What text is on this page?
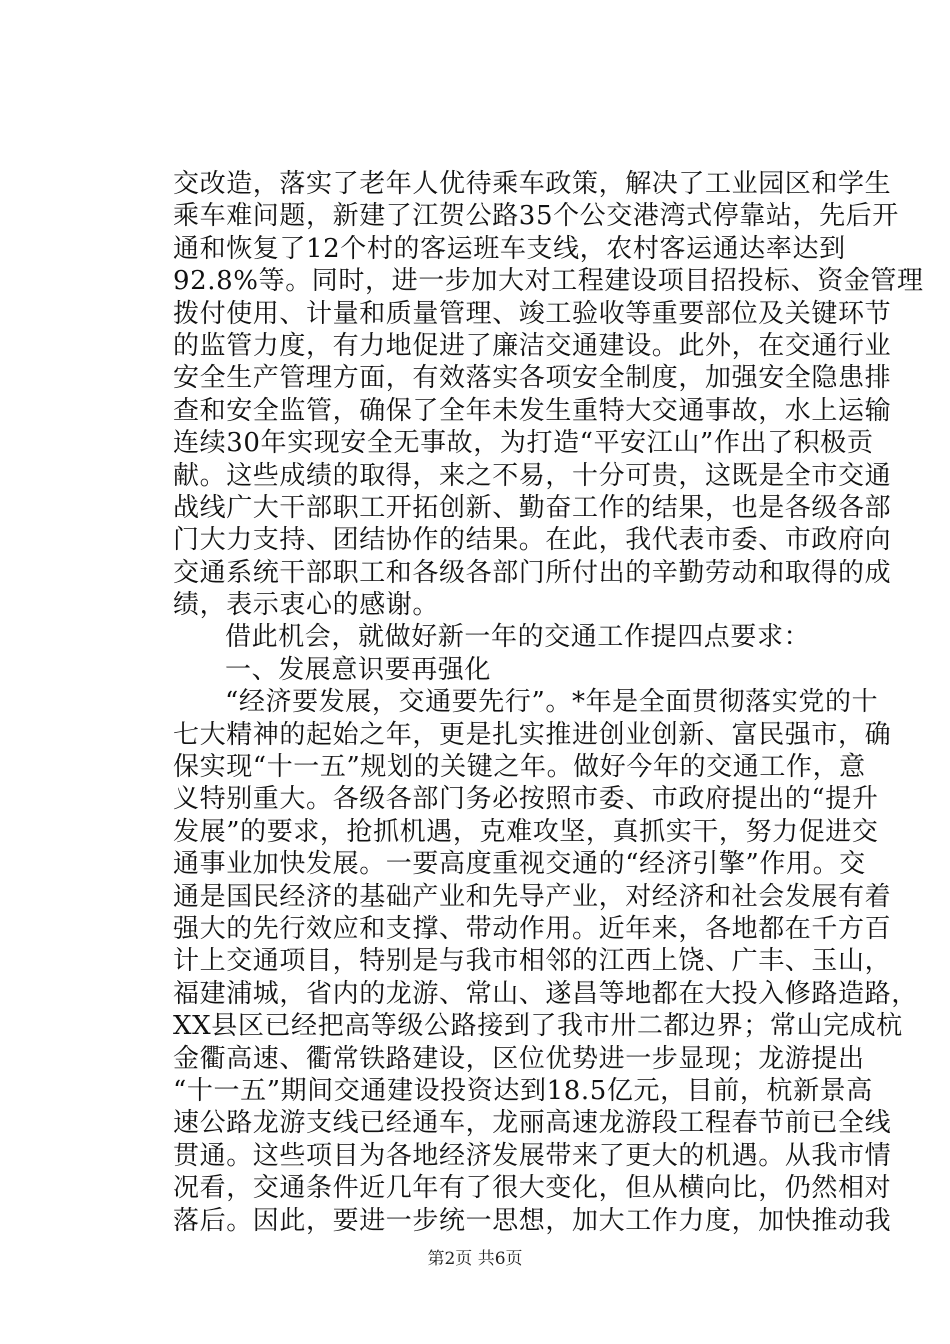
交改造，落实了老年人优待乘车政策，解决了工业园区和学生
乘车难问题，新建了江贺公路35个公交港湾式停靠站，先后开
通和恢复了12个村的客运班车支线，农村客运通达率达到
92.8%等。同时，进一步加大对工程建设项目招投标、资金管理
拨付使用、计量和质量管理、竣工验收等重要部位及关键环节
的监管力度，有力地促进了廉洁交通建设。此外，在交通行业
安全生产管理方面，有效落实各项安全制度，加强安全隐患排
查和安全监管，确保了全年未发生重特大交通事故，水上运输
连续30年实现安全无事故，为打造“平安江山”作出了积极贡
献。这些成绩的取得，来之不易，十分可贵，这既是全市交通
战线广大干部职工开拓创新、勤奋工作的结果，也是各级各部
门大力支持、团结协作的结果。在此，我代表市委、市政府向
交通系统干部职工和各级各部门所付出的辛勤劳动和取得的成
绩，表示衷心的感谢。
借此机会，就做好新一年的交通工作提四点要求：
一、发展意识要再强化
“经济要发展，交通要先行”。*年是全面贯彻落实党的十
七大精神的起始之年，更是扎实推进创业创新、富民强市，确
保实现“十一五”规划的关键之年。做好今年的交通工作，意
义特别重大。各级各部门务必按照市委、市政府提出的“提升
发展”的要求，抢抓机遇，克难攻坚，真抓实干，努力促进交
通事业加快发展。一要高度重视交通的“经济引擎”作用。交
通是国民经济的基础产业和先导产业，对经济和社会发展有着
强大的先行效应和支撑、带动作用。近年来，各地都在千方百
计上交通项目，特别是与我市相邻的江西上饶、广丰、玉山，
福建浦城，省内的龙游、常山、遂昌等地都在大投入修路造路，
XX县区已经把高等级公路接到了我市卅二都边界；常山完成杭
金衢高速、衢常铁路建设，区位优势进一步显现；龙游提出
“十一五”期间交通建设投资达到18.5亿元，目前，杭新景高
速公路龙游支线已经通车，龙丽高速龙游段工程春节前已全线
贯通。这些项目为各地经济发展带来了更大的机遇。从我市情
况看，交通条件近几年有了很大变化，但从横向比，仍然相对
落后。因此，要进一步统一思想，加大工作力度，加快推动我
第2页 共6页
